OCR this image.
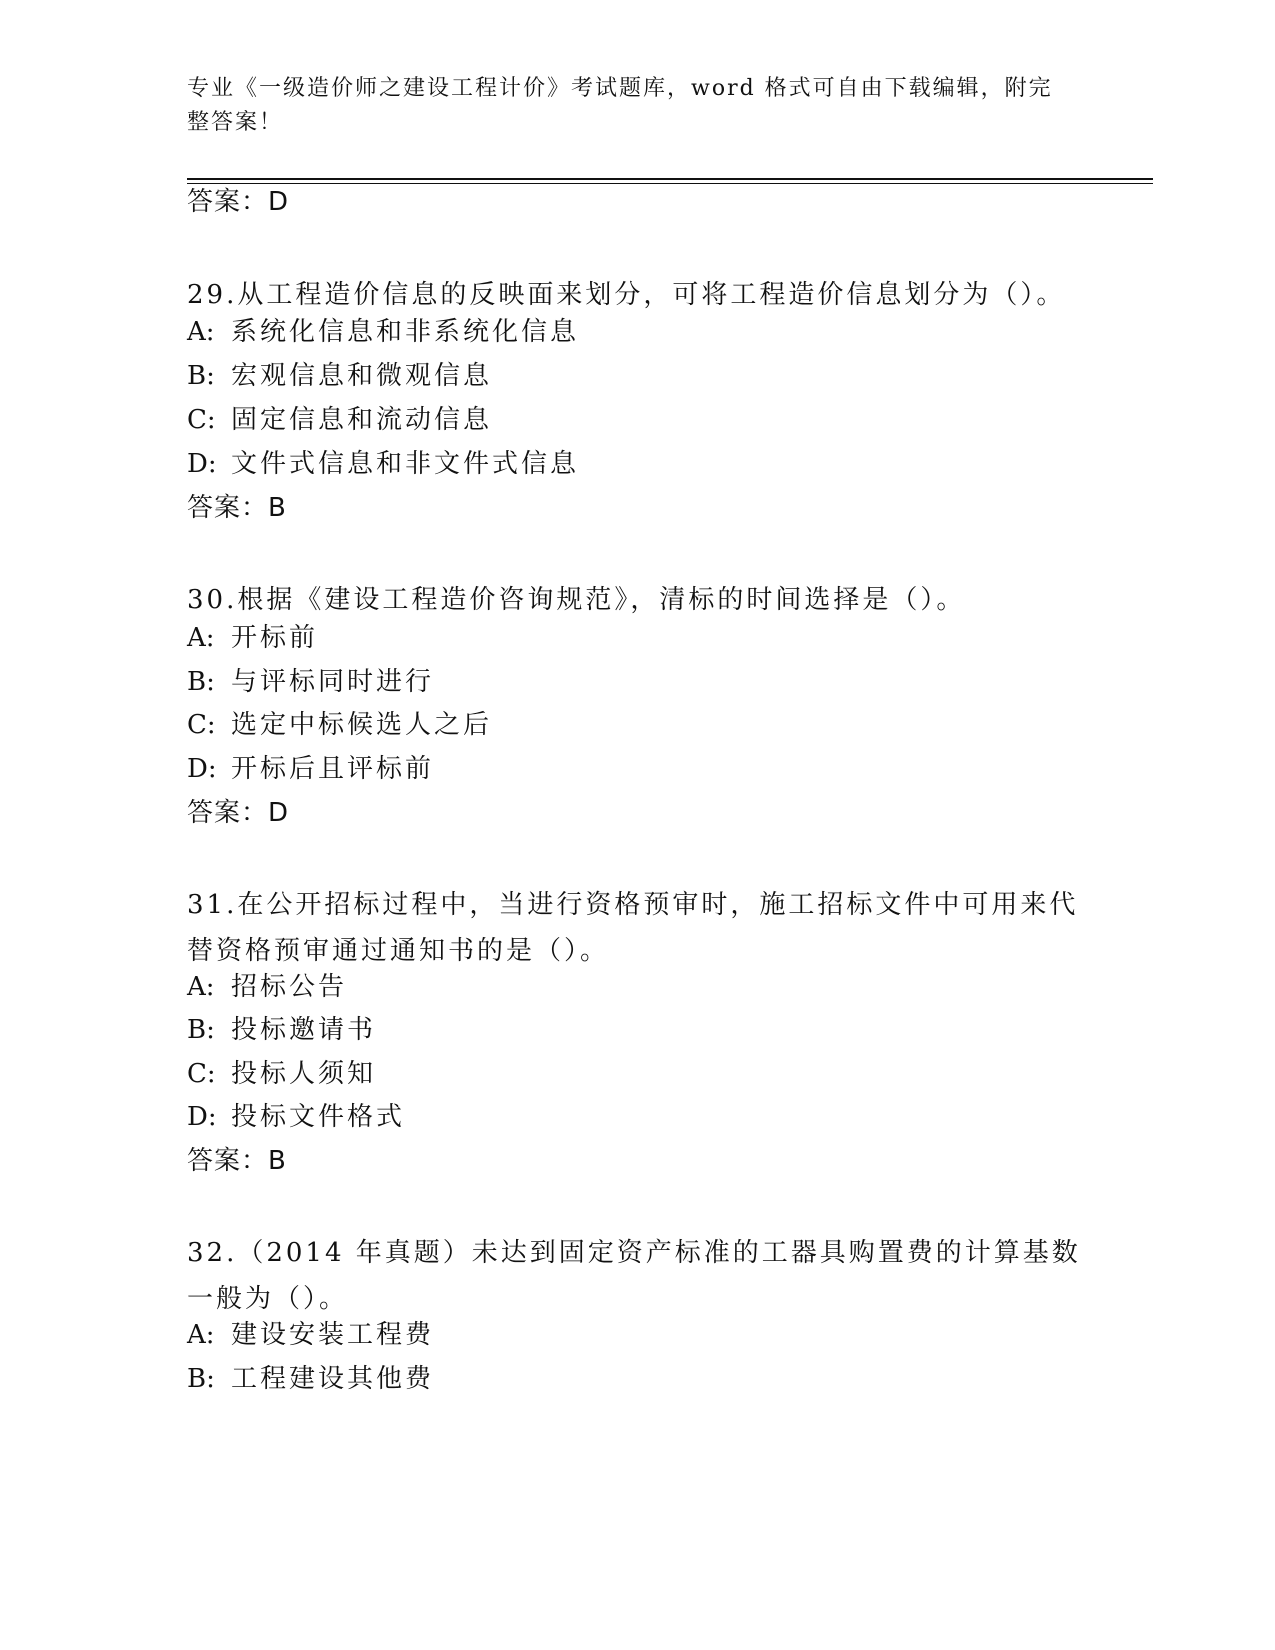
专业《一级造价师之建设工程计价》考试题库，word 格式可自由下载编辑，附完整答案！
答案：D
29.从工程造价信息的反映面来划分，可将工程造价信息划分为（）。
A: 系统化信息和非系统化信息
B: 宏观信息和微观信息
C: 固定信息和流动信息
D: 文件式信息和非文件式信息
答案：B
30.根据《建设工程造价咨询规范》，清标的时间选择是（）。
A: 开标前
B: 与评标同时进行
C: 选定中标候选人之后
D: 开标后且评标前
答案：D
31.在公开招标过程中，当进行资格预审时，施工招标文件中可用来代替资格预审通过通知书的是（）。
A: 招标公告
B: 投标邀请书
C: 投标人须知
D: 投标文件格式
答案：B
32.（2014 年真题）未达到固定资产标准的工器具购置费的计算基数一般为（）。
A: 建设安装工程费
B: 工程建设其他费
